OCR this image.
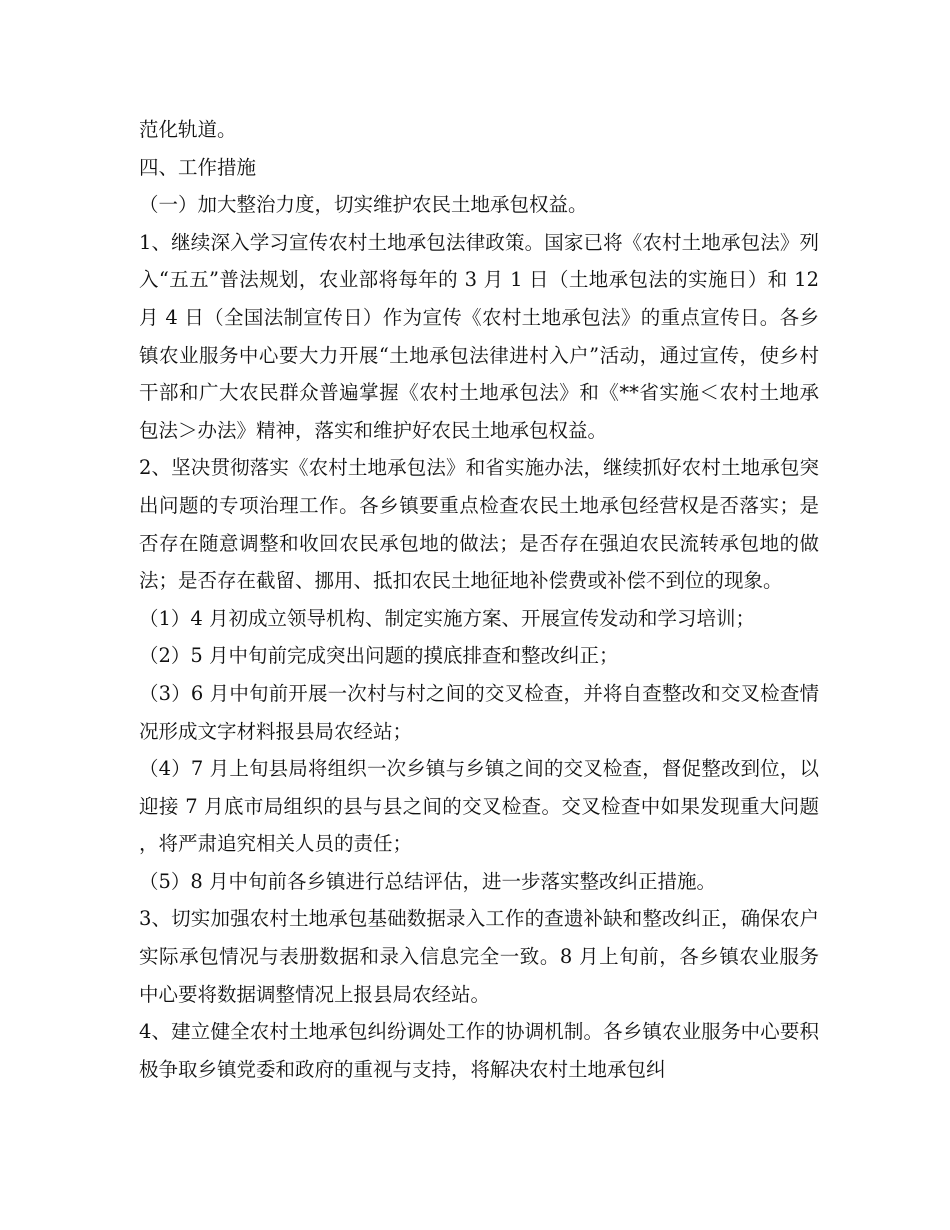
范化轨道。

四、工作措施

（一）加大整治力度，切实维护农民土地承包权益。

1、继续深入学习宣传农村土地承包法律政策。国家已将《农村土地承包法》列入“五五”普法规划，农业部将每年的 3 月 1 日（土地承包法的实施日）和 12 月 4 日（全国法制宣传日）作为宣传《农村土地承包法》的重点宣传日。各乡镇农业服务中心要大力开展“土地承包法律进村入户”活动，通过宣传，使乡村干部和广大农民群众普遍掌握《农村土地承包法》和《**省实施＜农村土地承包法＞办法》精神，落实和维护好农民土地承包权益。

2、坚决贯彻落实《农村土地承包法》和省实施办法，继续抓好农村土地承包突出问题的专项治理工作。各乡镇要重点检查农民土地承包经营权是否落实；是否存在随意调整和收回农民承包地的做法；是否存在强迫农民流转承包地的做法；是否存在截留、挪用、抵扣农民土地征地补偿费或补偿不到位的现象。

（1）4 月初成立领导机构、制定实施方案、开展宣传发动和学习培训；

（2）5 月中旬前完成突出问题的摸底排查和整改纠正；

（3）6 月中旬前开展一次村与村之间的交叉检查，并将自查整改和交叉检查情况形成文字材料报县局农经站；

（4）7 月上旬县局将组织一次乡镇与乡镇之间的交叉检查，督促整改到位，以迎接 7 月底市局组织的县与县之间的交叉检查。交叉检查中如果发现重大问题，将严肃追究相关人员的责任；

（5）8 月中旬前各乡镇进行总结评估，进一步落实整改纠正措施。

3、切实加强农村土地承包基础数据录入工作的查遗补缺和整改纠正，确保农户实际承包情况与表册数据和录入信息完全一致。8 月上旬前，各乡镇农业服务中心要将数据调整情况上报县局农经站。

4、建立健全农村土地承包纠纷调处工作的协调机制。各乡镇农业服务中心要积极争取乡镇党委和政府的重视与支持，将解决农村土地承包纠
